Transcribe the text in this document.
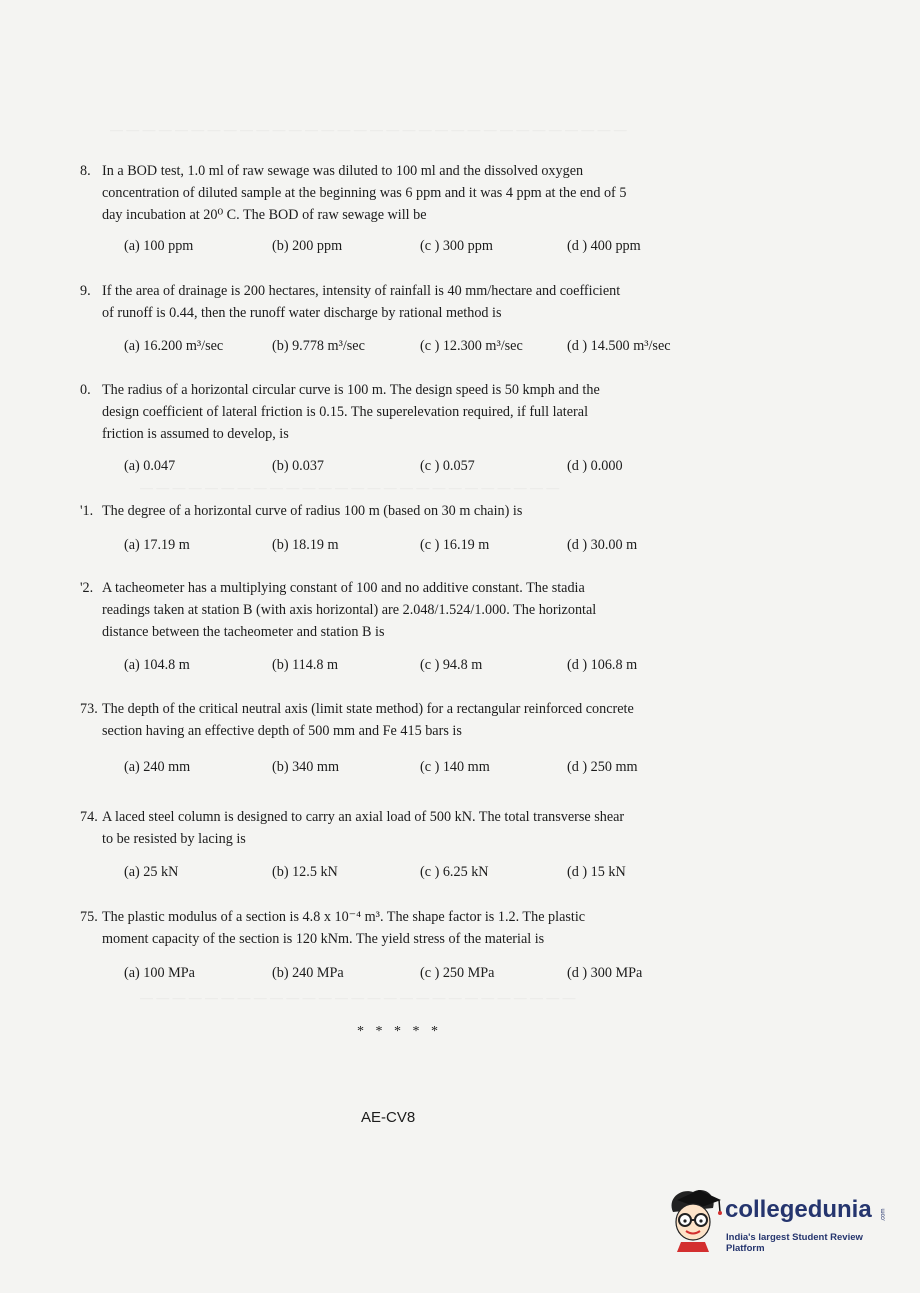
— — — — — — — — — — — — — — — — — — — — — — — — — — — — — — — —
— — — — — — — — — — — — — — — — — — — — — — — — — —
— — — — — — — — — — — — — — — — — — — — — — — — — — —
8. In a BOD test, 1.0 ml of raw sewage was diluted to 100 ml and the dissolved oxygen
concentration of diluted sample at the beginning was 6 ppm and it was 4 ppm at the end of 5
day incubation at 20⁰ C. The BOD of raw sewage will be
(a) 100 ppm	(b) 200 ppm	(c ) 300 ppm	(d ) 400 ppm
9. If the area of drainage is 200 hectares, intensity of rainfall is 40 mm/hectare and coefficient
of runoff is 0.44, then the runoff water discharge by rational method is
(a) 16.200 m³/sec	(b) 9.778 m³/sec	(c ) 12.300 m³/sec	(d ) 14.500 m³/sec
0. The radius of a horizontal circular curve is 100 m. The design speed is 50 kmph and the
design coefficient of lateral friction is 0.15. The superelevation required, if full lateral
friction is assumed to develop, is
(a) 0.047	(b) 0.037	(c ) 0.057	(d ) 0.000
'1. The degree of a horizontal curve of radius 100 m (based on 30 m chain) is
(a) 17.19 m	(b) 18.19 m	(c ) 16.19 m	(d ) 30.00 m
'2. A tacheometer has a multiplying constant of 100 and no additive constant. The stadia
readings taken at station B (with axis horizontal) are 2.048/1.524/1.000. The horizontal
distance between the tacheometer and station B is
(a) 104.8 m	(b) 114.8 m	(c ) 94.8 m	(d ) 106.8 m
73. The depth of the critical neutral axis (limit state method) for a rectangular reinforced concrete
section having an effective depth of 500 mm and Fe 415 bars is
(a) 240 mm	(b) 340 mm	(c ) 140 mm	(d ) 250 mm
74. A laced steel column is designed to carry an axial load of 500 kN. The total transverse shear
to be resisted by lacing is
(a) 25 kN	(b) 12.5 kN	(c ) 6.25 kN	(d ) 15 kN
75. The plastic modulus of a section is 4.8 x 10⁻⁴ m³. The shape factor is 1.2. The plastic
moment capacity of the section is 120 kNm. The yield stress of the material is
(a) 100 MPa	(b) 240 MPa	(c ) 250 MPa	(d ) 300 MPa
* * * * *
AE-CV8
collegedunia .com
India's largest Student Review Platform
